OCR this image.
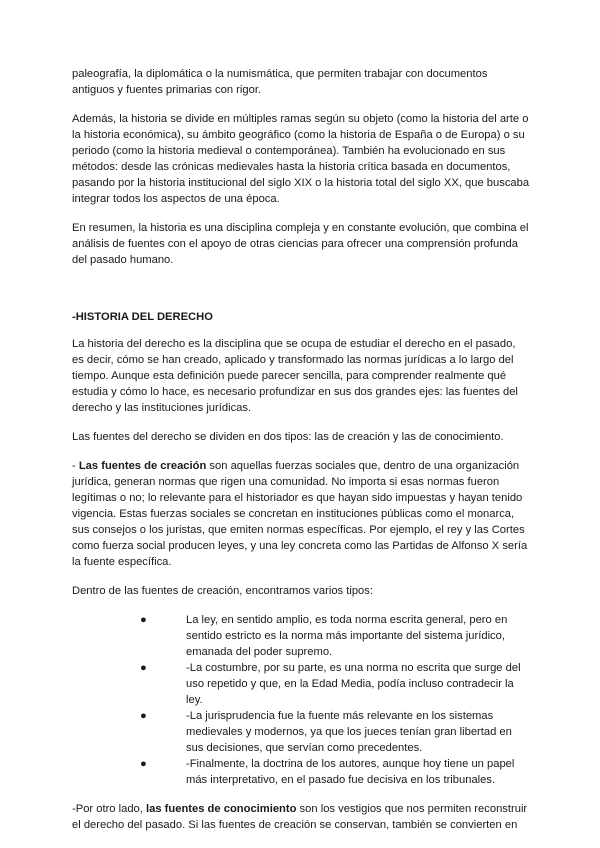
paleografía, la diplomática o la numismática, que permiten trabajar con documentos antiguos y fuentes primarias con rigor.

Además, la historia se divide en múltiples ramas según su objeto (como la historia del arte o la historia económica), su ámbito geográfico (como la historia de España o de Europa) o su periodo (como la historia medieval o contemporánea). También ha evolucionado en sus métodos: desde las crónicas medievales hasta la historia crítica basada en documentos, pasando por la historia institucional del siglo XIX o la historia total del siglo XX, que buscaba integrar todos los aspectos de una época.

En resumen, la historia es una disciplina compleja y en constante evolución, que combina el análisis de fuentes con el apoyo de otras ciencias para ofrecer una comprensión profunda del pasado humano.

-HISTORIA DEL DERECHO

La historia del derecho es la disciplina que se ocupa de estudiar el derecho en el pasado, es decir, cómo se han creado, aplicado y transformado las normas jurídicas a lo largo del tiempo. Aunque esta definición puede parecer sencilla, para comprender realmente qué estudia y cómo lo hace, es necesario profundizar en sus dos grandes ejes: las fuentes del derecho y las instituciones jurídicas.

Las fuentes del derecho se dividen en dos tipos: las de creación y las de conocimiento.

- Las fuentes de creación son aquellas fuerzas sociales que, dentro de una organización jurídica, generan normas que rigen una comunidad. No importa si esas normas fueron legítimas o no; lo relevante para el historiador es que hayan sido impuestas y hayan tenido vigencia. Estas fuerzas sociales se concretan en instituciones públicas como el monarca, sus consejos o los juristas, que emiten normas específicas. Por ejemplo, el rey y las Cortes como fuerza social producen leyes, y una ley concreta como las Partidas de Alfonso X sería la fuente específica.

Dentro de las fuentes de creación, encontramos varios tipos:

●	La ley, en sentido amplio, es toda norma escrita general, pero en sentido estricto es la norma más importante del sistema jurídico, emanada del poder supremo.
●	-La costumbre, por su parte, es una norma no escrita que surge del uso repetido y que, en la Edad Media, podía incluso contradecir la ley.
●	-La jurisprudencia fue la fuente más relevante en los sistemas medievales y modernos, ya que los jueces tenían gran libertad en sus decisiones, que servían como precedentes.
●	-Finalmente, la doctrina de los autores, aunque hoy tiene un papel más interpretativo, en el pasado fue decisiva en los tribunales.

-Por otro lado, las fuentes de conocimiento son los vestigios que nos permiten reconstruir el derecho del pasado. Si las fuentes de creación se conservan, también se convierten en
